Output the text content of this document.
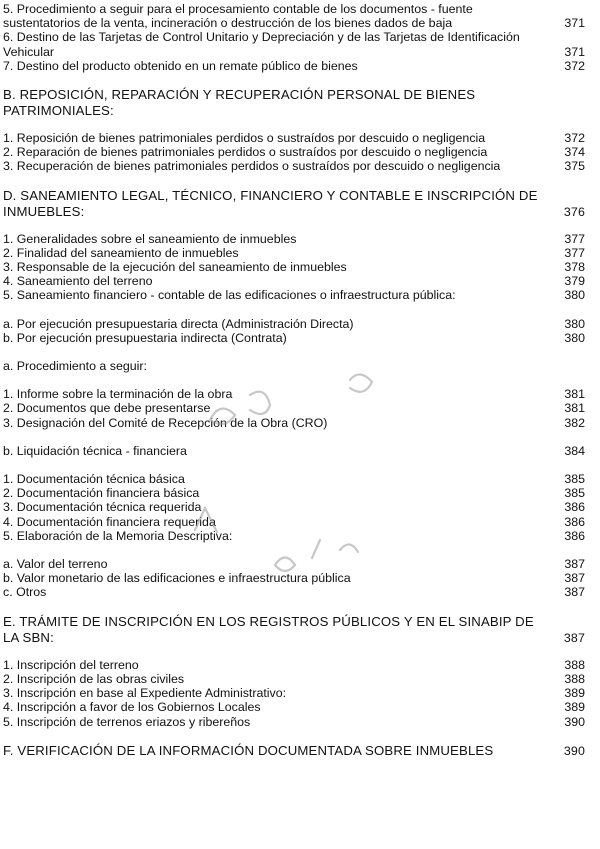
5. Procedimiento a seguir para el procesamiento contable de los documentos - fuente sustentatorios de la venta, incineración o destrucción de los bienes dados de baja	371
6. Destino de las Tarjetas de Control Unitario y Depreciación y de las Tarjetas de Identificación Vehicular	371
7. Destino del producto obtenido en un remate público de bienes	372
B. REPOSICIÓN, REPARACIÓN Y RECUPERACIÓN PERSONAL DE BIENES PATRIMONIALES:
1. Reposición de bienes patrimoniales perdidos o sustraídos por descuido o negligencia	372
2. Reparación de bienes patrimoniales perdidos o sustraídos por descuido o negligencia	374
3. Recuperación de bienes patrimoniales perdidos o sustraídos por descuido o negligencia	375
D. SANEAMIENTO LEGAL, TÉCNICO, FINANCIERO Y CONTABLE E INSCRIPCIÓN DE INMUEBLES:	376
1. Generalidades sobre el saneamiento de inmuebles	377
2. Finalidad del saneamiento de inmuebles	377
3. Responsable de la ejecución del saneamiento de inmuebles	378
4. Saneamiento del terreno	379
5. Saneamiento financiero - contable de las edificaciones o infraestructura pública:	380
a. Por ejecución presupuestaria directa (Administración Directa)	380
b. Por ejecución presupuestaria indirecta (Contrata)	380
a. Procedimiento a seguir:
1. Informe sobre la terminación de la obra	381
2. Documentos que debe presentarse	381
3. Designación del Comité de Recepción de la Obra (CRO)	382
b. Liquidación técnica - financiera	384
1. Documentación técnica básica	385
2. Documentación financiera básica	385
3. Documentación técnica requerida	386
4. Documentación financiera requerida	386
5. Elaboración de la Memoria Descriptiva:	386
a. Valor del terreno	387
b. Valor monetario de las edificaciones e infraestructura pública	387
c. Otros	387
E. TRÁMITE DE INSCRIPCIÓN EN LOS REGISTROS PÚBLICOS Y EN EL SINABIP DE LA SBN:	387
1. Inscripción del terreno	388
2. Inscripción de las obras civiles	388
3. Inscripción en base al Expediente Administrativo:	389
4. Inscripción a favor de los Gobiernos Locales	389
5. Inscripción de terrenos eriazos y ribereños	390
F. VERIFICACIÓN DE LA INFORMACIÓN DOCUMENTADA SOBRE INMUEBLES	390
